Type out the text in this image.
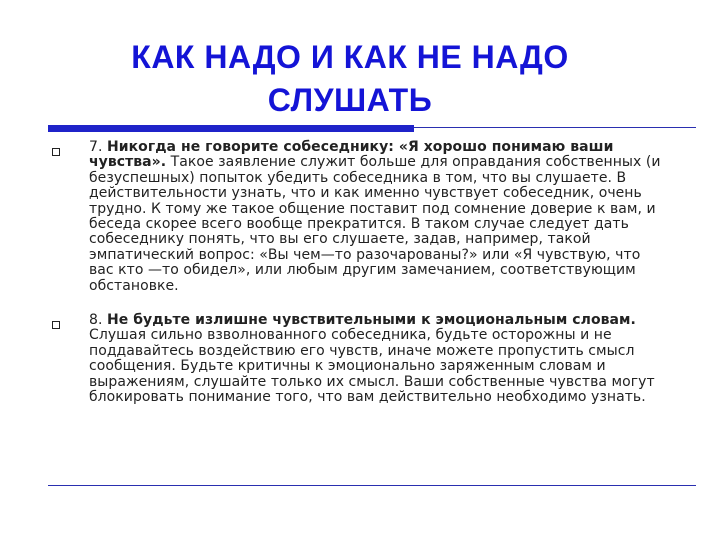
КАК НАДО И КАК НЕ НАДО
СЛУШАТЬ
7. Никогда не говорите собеседнику: «Я хорошо понимаю ваши чувства». Такое заявление служит больше для оправдания собственных (и безуспешных) попыток убедить собеседника в том, что вы слушаете. В действительности узнать, что и как именно чувствует собеседник, очень трудно. К тому же такое общение поставит под сомнение доверие к вам, и беседа скорее всего вообще прекратится. В таком случае следует дать собеседнику понять, что вы его слушаете, задав, например, такой эмпатический вопрос: «Вы чем—то разочарованы?» или «Я чувствую, что вас кто —то обидел», или любым другим замечанием, соответствующим обстановке.
8. Не будьте излишне чувствительными к эмоциональным словам. Слушая сильно взволнованного собеседника, будьте осторожны и не поддавайтесь воздействию его чувств, иначе можете пропустить смысл сообщения. Будьте критичны к эмоционально заряженным словам и выражениям, слушайте только их смысл. Ваши собственные чувства могут блокировать понимание того, что вам действительно необходимо узнать.
